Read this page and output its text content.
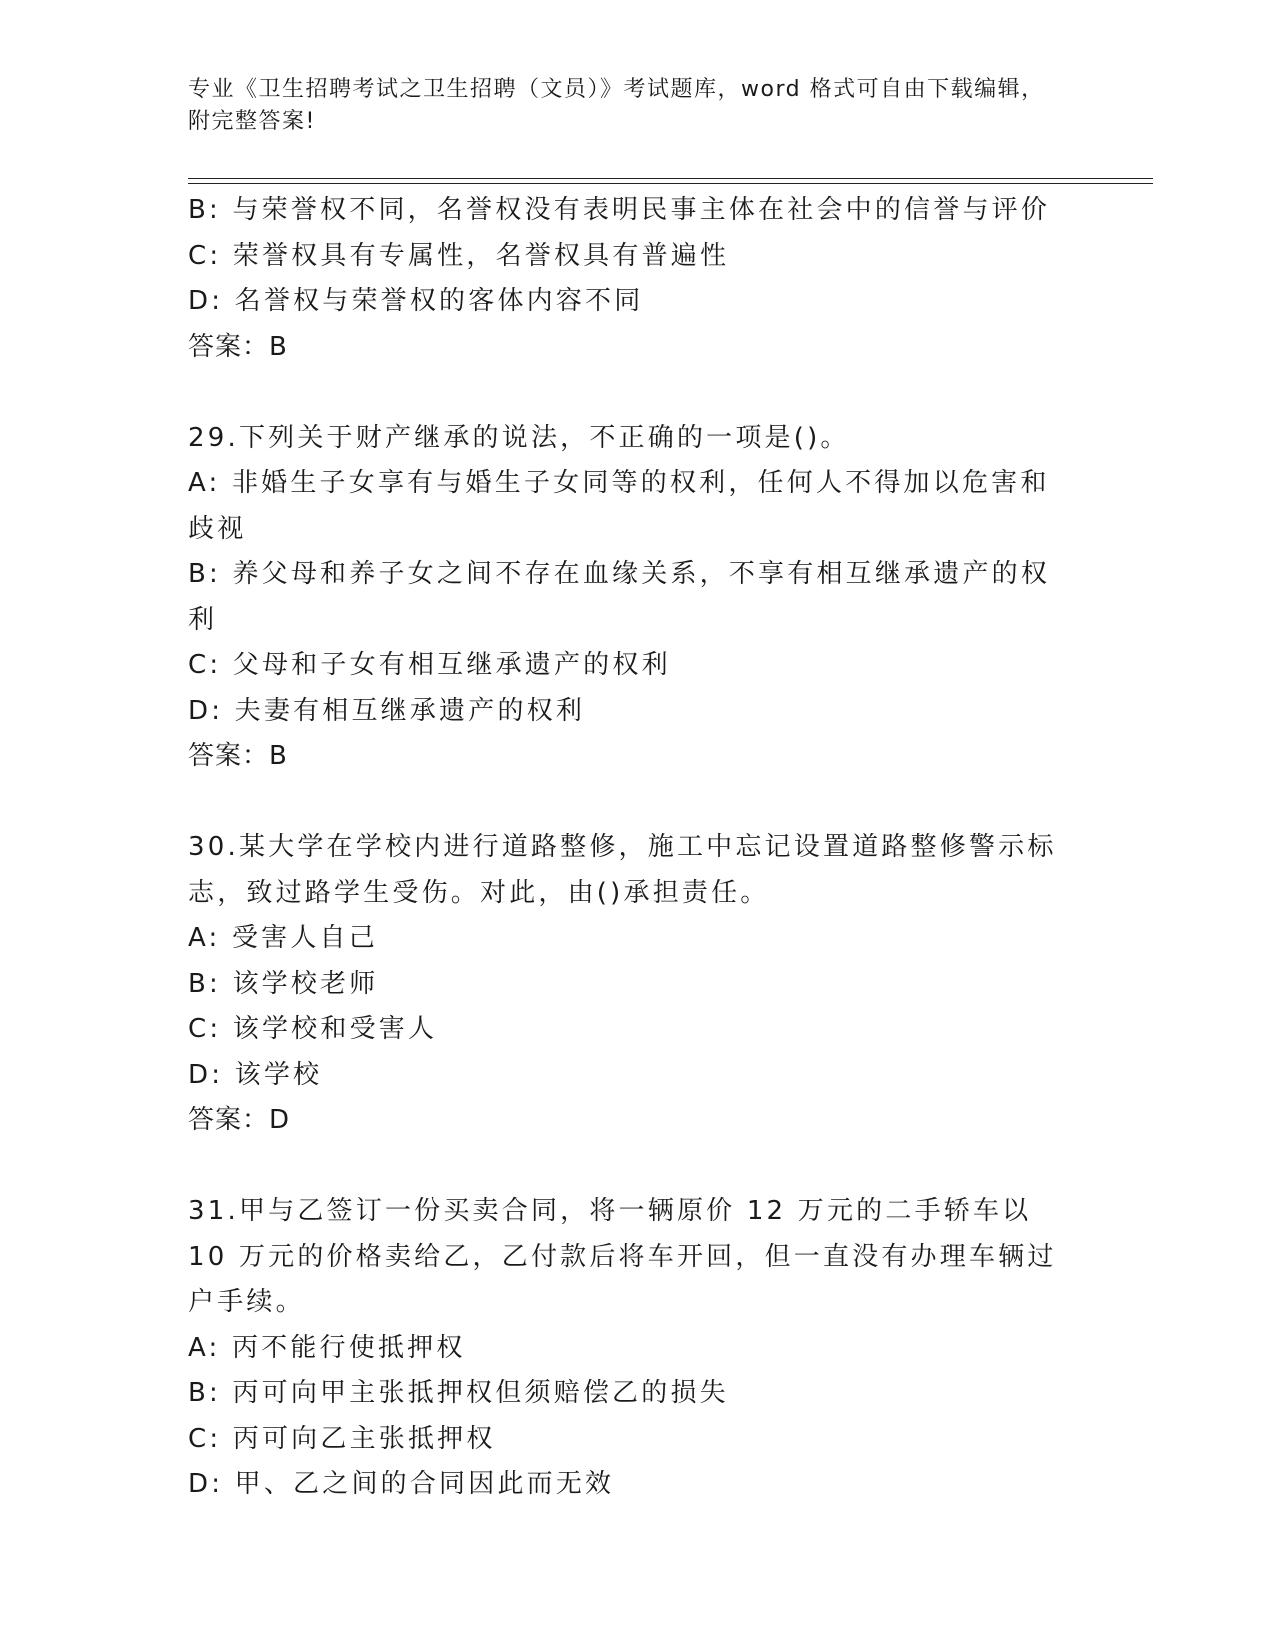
专业《卫生招聘考试之卫生招聘（文员）》考试题库，word 格式可自由下载编辑，附完整答案!

B: 与荣誉权不同，名誉权没有表明民事主体在社会中的信誉与评价

C: 荣誉权具有专属性，名誉权具有普遍性

D: 名誉权与荣誉权的客体内容不同

答案：B

29.下列关于财产继承的说法，不正确的一项是()。

A: 非婚生子女享有与婚生子女同等的权利，任何人不得加以危害和歧视

B: 养父母和养子女之间不存在血缘关系，不享有相互继承遗产的权利

C: 父母和子女有相互继承遗产的权利

D: 夫妻有相互继承遗产的权利

答案：B

30.某大学在学校内进行道路整修，施工中忘记设置道路整修警示标志，致过路学生受伤。对此，由()承担责任。

A: 受害人自己

B: 该学校老师

C: 该学校和受害人

D: 该学校

答案：D

31.甲与乙签订一份买卖合同，将一辆原价 12 万元的二手轿车以 10 万元的价格卖给乙，乙付款后将车开回，但一直没有办理车辆过户手续。

A: 丙不能行使抵押权

B: 丙可向甲主张抵押权但须赔偿乙的损失

C: 丙可向乙主张抵押权

D: 甲、乙之间的合同因此而无效
